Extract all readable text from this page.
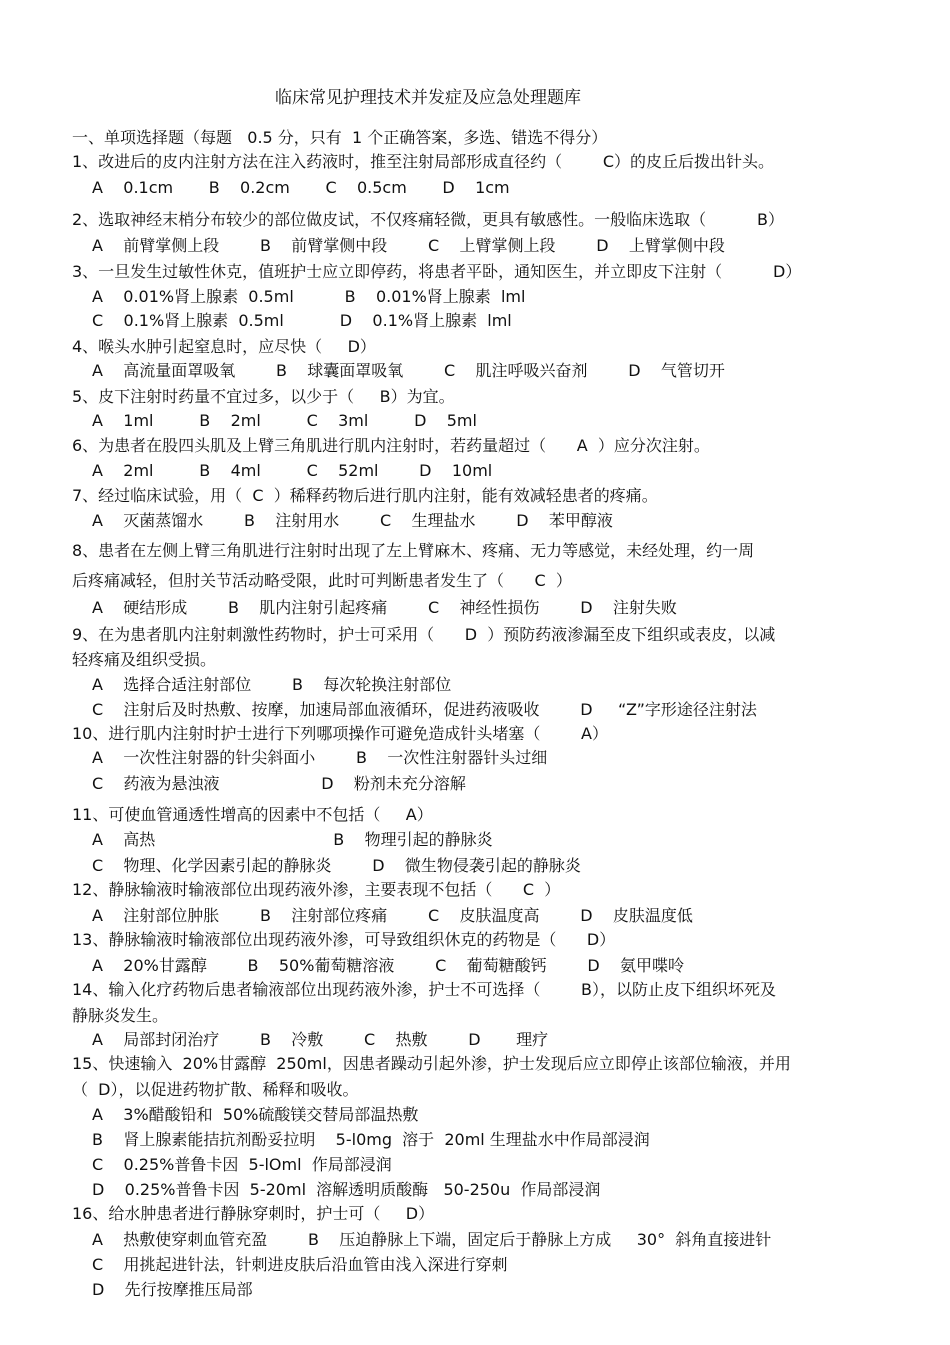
临床常见护理技术并发症及应急处理题库

一、单项选择题（每题   0.5 分，只有  1 个正确答案，多选、错选不得分）

1、改进后的皮内注射方法在注入药液时，推至注射局部形成直径约（        C）的皮丘后拨出针头。

A    0.1cm       B    0.2cm       C    0.5cm       D    1cm

2、选取神经末梢分布较少的部位做皮试，不仅疼痛轻微，更具有敏感性。一般临床选取（          B）

A    前臂掌侧上段        B    前臂掌侧中段        C    上臂掌侧上段        D    上臂掌侧中段

3、一旦发生过敏性休克，值班护士应立即停药，将患者平卧，通知医生，并立即皮下注射（          D）

A    0.01%肾上腺素  0.5ml          B    0.01%肾上腺素  lml

C    0.1%肾上腺素  0.5ml           D    0.1%肾上腺素  lml

4、喉头水肿引起窒息时，应尽快（     D）

A    高流量面罩吸氧        B    球囊面罩吸氧        C    肌注呼吸兴奋剂        D    气管切开

5、皮下注射时药量不宜过多，以少于（     B）为宜。

A    1ml         B    2ml         C    3ml         D    5ml

6、为患者在股四头肌及上臂三角肌进行肌内注射时，若药量超过（      A  ）应分次注射。

A    2ml         B    4ml         C    52ml        D    10ml

7、经过临床试验，用（  C  ）稀释药物后进行肌内注射，能有效减轻患者的疼痛。

A    灭菌蒸馏水        B    注射用水        C    生理盐水        D    苯甲醇液

8、患者在左侧上臂三角肌进行注射时出现了左上臂麻木、疼痛、无力等感觉，未经处理，约一周

后疼痛减轻，但肘关节活动略受限，此时可判断患者发生了（      C  ）

A    硬结形成        B    肌内注射引起疼痛        C    神经性损伤        D    注射失败

9、在为患者肌内注射刺激性药物时，护士可采用（      D  ）预防药液渗漏至皮下组织或表皮，以减

轻疼痛及组织受损。

A    选择合适注射部位        B    每次轮换注射部位

C    注射后及时热敷、按摩，加速局部血液循环，促进药液吸收        D     “Z”字形途径注射法

10、进行肌内注射时护士进行下列哪项操作可避免造成针头堵塞（        A）

A    一次性注射器的针尖斜面小        B    一次性注射器针头过细

C    药液为悬浊液                    D    粉剂未充分溶解

11、可使血管通透性增高的因素中不包括（     A）

A    高热                                   B    物理引起的静脉炎

C    物理、化学因素引起的静脉炎        D    微生物侵袭引起的静脉炎

12、静脉输液时输液部位出现药液外渗，主要表现不包括（      C  ）

A    注射部位肿胀        B    注射部位疼痛        C    皮肤温度高        D    皮肤温度低

13、静脉输液时输液部位出现药液外渗，可导致组织休克的药物是（      D）

A    20%甘露醇        B    50%葡萄糖溶液        C    葡萄糖酸钙        D    氨甲喋呤

14、输入化疗药物后患者输液部位出现药液外渗，护士不可选择（        B），以防止皮下组织坏死及

静脉炎发生。

A    局部封闭治疗        B    冷敷        C    热敷        D       理疗

15、快速输入  20%甘露醇  250ml，因患者躁动引起外渗，护士发现后应立即停止该部位输液，并用

（  D），以促进药物扩散、稀释和吸收。

A    3%醋酸铅和  50%硫酸镁交替局部温热敷

B    肾上腺素能拮抗剂酚妥拉明    5-l0mg  溶于  20ml 生理盐水中作局部浸润

C    0.25%普鲁卡因  5-lOml  作局部浸润

D    0.25%普鲁卡因  5-20ml  溶解透明质酸酶   50-250u  作局部浸润

16、给水肿患者进行静脉穿刺时，护士可（     D）

A    热敷使穿刺血管充盈        B    压迫静脉上下端，固定后于静脉上方成     30°  斜角直接进针

C    用挑起进针法，针刺进皮肤后沿血管由浅入深进行穿刺

D    先行按摩推压局部
